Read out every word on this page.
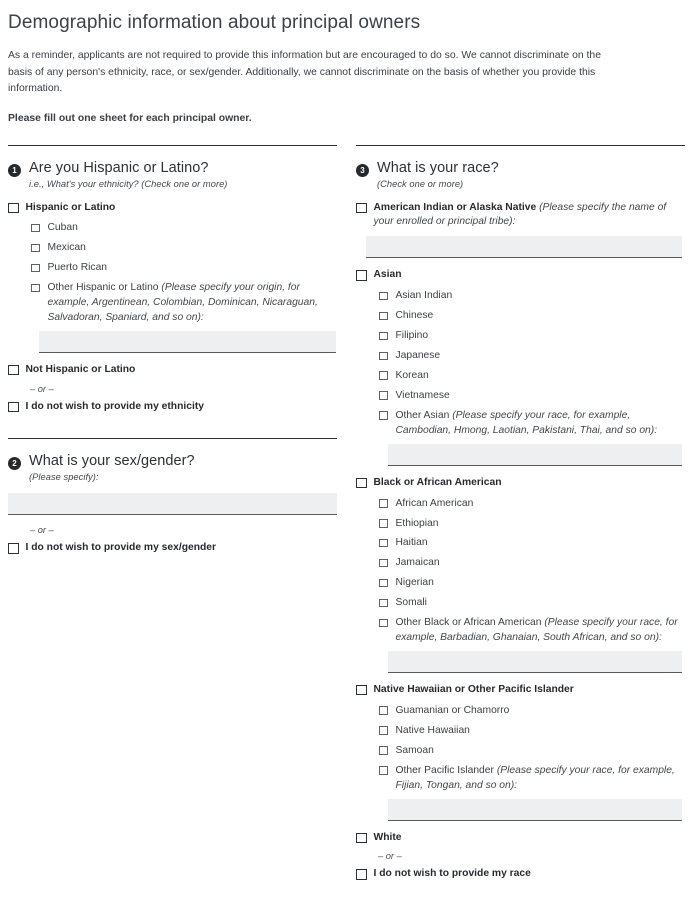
Demographic information about principal owners

As a reminder, applicants are not required to provide this information but are encouraged to do so. We cannot discriminate on the basis of any person's ethnicity, race, or sex/gender. Additionally, we cannot discriminate on the basis of whether you provide this information.

Please fill out one sheet for each principal owner.
1 Are you Hispanic or Latino?
i.e., What's your ethnicity? (Check one or more)
Hispanic or Latino
Cuban
Mexican
Puerto Rican
Other Hispanic or Latino (Please specify your origin, for example, Argentinean, Colombian, Dominican, Nicaraguan, Salvadoran, Spaniard, and so on):
Not Hispanic or Latino
– or –
I do not wish to provide my ethnicity
2 What is your sex/gender?
(Please specify):
– or –
I do not wish to provide my sex/gender
3 What is your race?
(Check one or more)
American Indian or Alaska Native (Please specify the name of your enrolled or principal tribe):
Asian
Asian Indian
Chinese
Filipino
Japanese
Korean
Vietnamese
Other Asian (Please specify your race, for example, Cambodian, Hmong, Laotian, Pakistani, Thai, and so on):
Black or African American
African American
Ethiopian
Haitian
Jamaican
Nigerian
Somali
Other Black or African American (Please specify your race, for example, Barbadian, Ghanaian, South African, and so on):
Native Hawaiian or Other Pacific Islander
Guamanian or Chamorro
Native Hawaiian
Samoan
Other Pacific Islander (Please specify your race, for example, Fijian, Tongan, and so on):
White
– or –
I do not wish to provide my race
